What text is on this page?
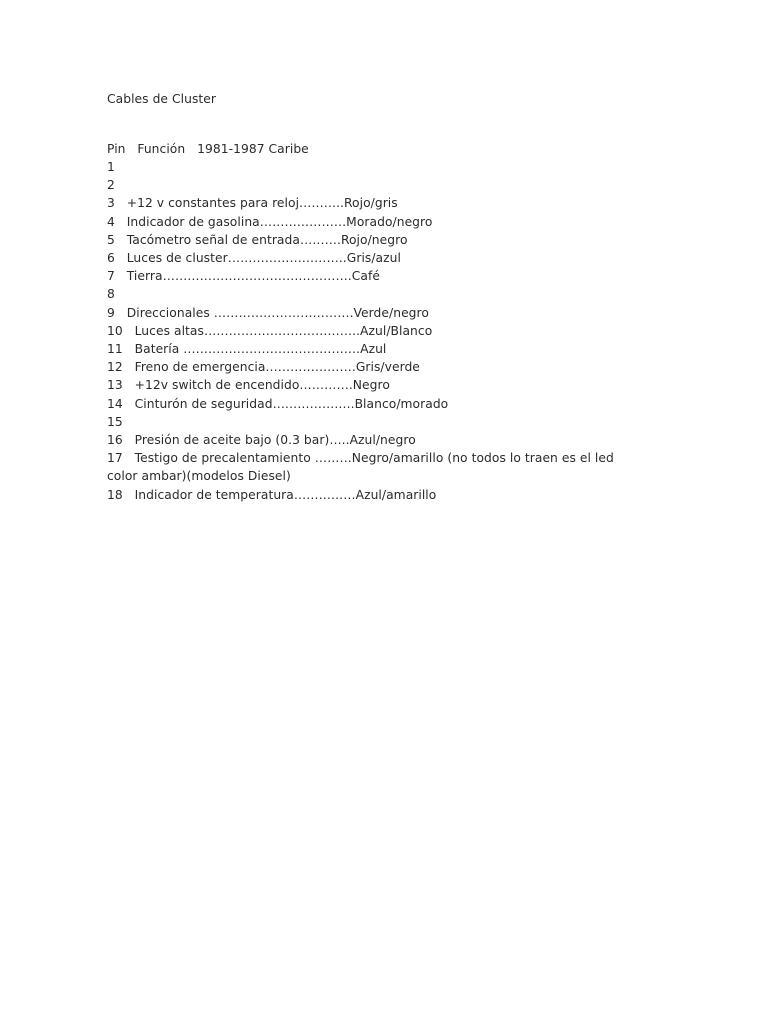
Cables de Cluster
Pin   Función   1981-1987 Caribe
1
2
3   +12 v constantes para reloj………..Rojo/gris
4   Indicador de gasolina…………………Morado/negro
5   Tacómetro señal de entrada……….Rojo/negro
6   Luces de cluster………………………..Gris/azul
7   Tierra……………………………………….Café
8
9   Direccionales …………………………….Verde/negro
10   Luces altas………………………………..Azul/Blanco
11   Batería …………………………………….Azul
12   Freno de emergencia………………….Gris/verde
13   +12v switch de encendido………….Negro
14   Cinturón de seguridad………………..Blanco/morado
15
16   Presión de aceite bajo (0.3 bar)…..Azul/negro
17   Testigo de precalentamiento ………Negro/amarillo (no todos lo traen es el led color ambar)(modelos Diesel)
18   Indicador de temperatura……………Azul/amarillo
